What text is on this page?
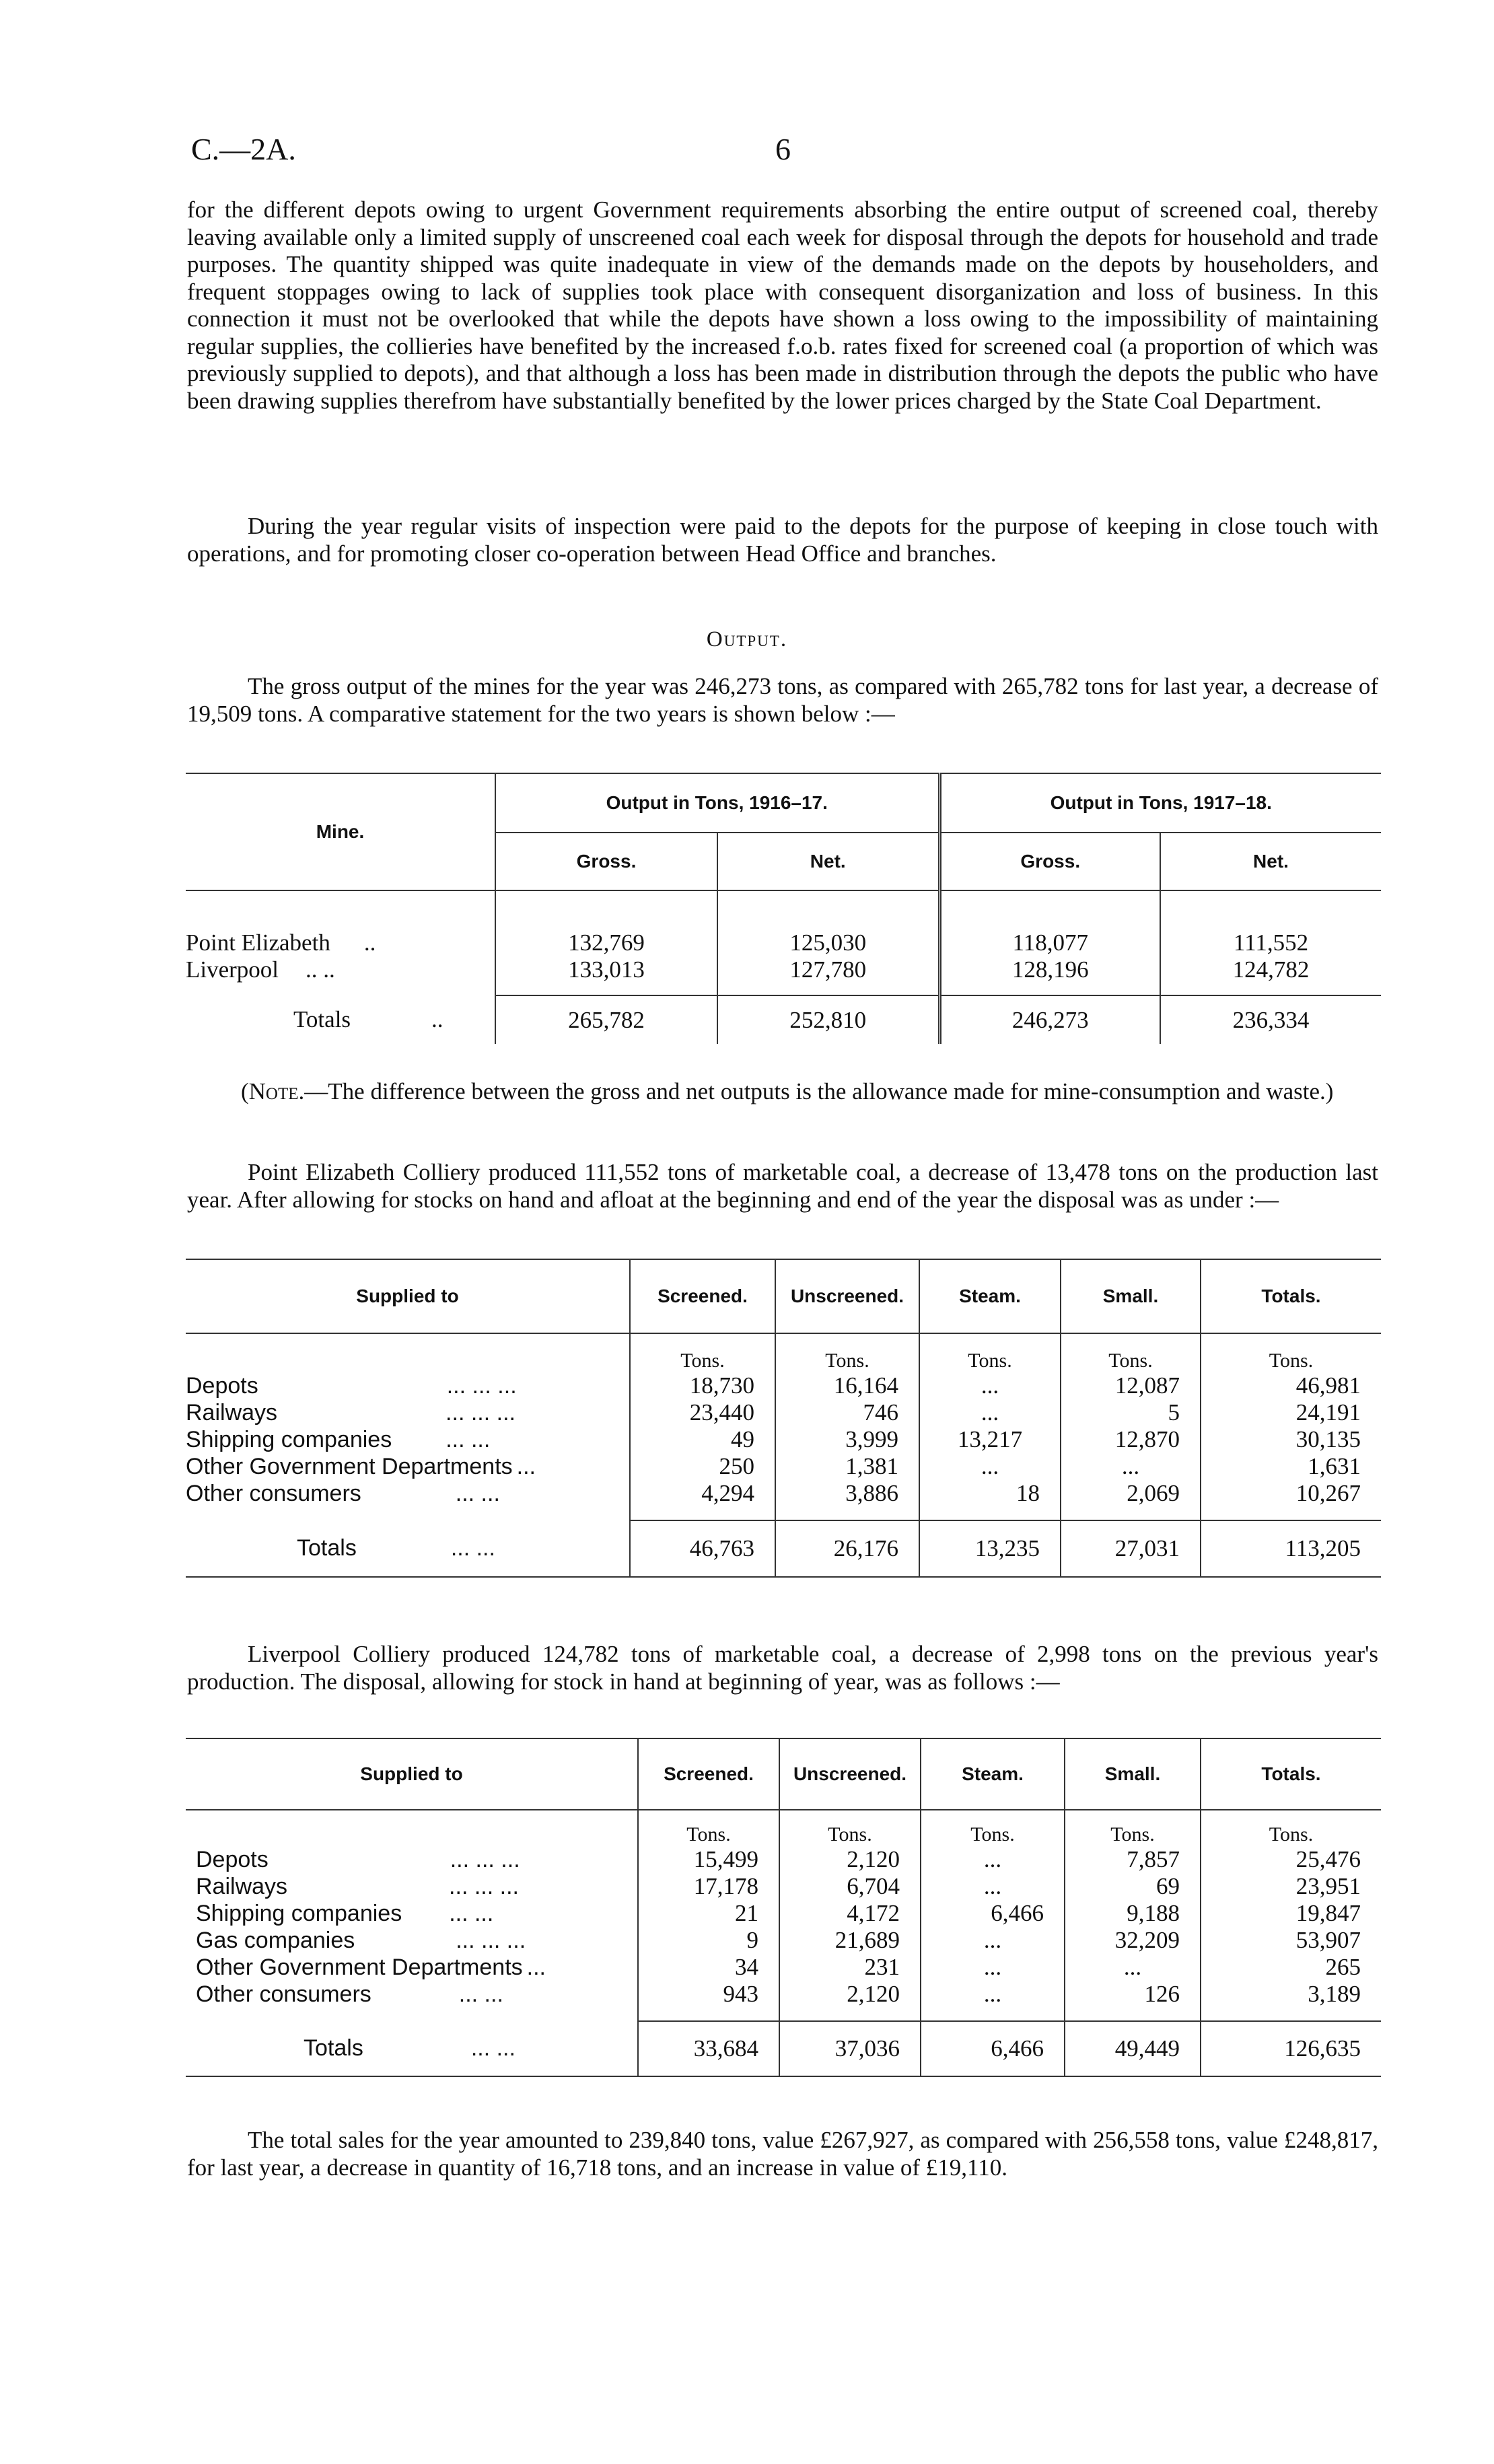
C.—2A.	6

for the different depots owing to urgent Government requirements absorbing the entire output of screened coal, thereby leaving available only a limited supply of unscreened coal each week for disposal through the depots for household and trade purposes. The quantity shipped was quite inadequate in view of the demands made on the depots by householders, and frequent stoppages owing to lack of supplies took place with consequent disorganization and loss of business. In this connection it must not be overlooked that while the depots have shown a loss owing to the impossibility of maintaining regular supplies, the collieries have benefited by the increased f.o.b. rates fixed for screened coal (a proportion of which was previously supplied to depots), and that although a loss has been made in distribution through the depots the public who have been drawing supplies therefrom have substantially benefited by the lower prices charged by the State Coal Department.

During the year regular visits of inspection were paid to the depots for the purpose of keeping in close touch with operations, and for promoting closer co-operation between Head Office and branches.

Output.

The gross output of the mines for the year was 246,273 tons, as compared with 265,782 tons for last year, a decrease of 19,509 tons. A comparative statement for the two years is shown below :—

Mine.	Output in Tons, 1916–17.		Output in Tons, 1917–18.	
	Gross.	Net.	Gross.	Net.

Point Elizabeth ..	132,769	125,030	118,077	111,552
Liverpool .. ..	133,013	127,780	128,196	124,782

Totals ..	265,782	252,810	246,273	236,334

(Note.—The difference between the gross and net outputs is the allowance made for mine-consumption and waste.)

Point Elizabeth Colliery produced 111,552 tons of marketable coal, a decrease of 13,478 tons on the production last year. After allowing for stocks on hand and afloat at the beginning and end of the year the disposal was as under :—

Supplied to	Screened.	Unscreened.	Steam.	Small.	Totals.
	Tons.	Tons.	Tons.	Tons.	Tons.
Depots ... ... ...	18,730	16,164	...	12,087	46,981
Railways ... ... ...	23,440	746	...	5	24,191
Shipping companies ... ...	49	3,999	13,217	12,870	30,135
Other Government Departments ...	250	1,381	...	...	1,631
Other consumers ... ...	4,294	3,886	18	2,069	10,267

Totals ... ...	46,763	26,176	13,235	27,031	113,205

Liverpool Colliery produced 124,782 tons of marketable coal, a decrease of 2,998 tons on the previous year's production. The disposal, allowing for stock in hand at beginning of year, was as follows :—

Supplied to	Screened.	Unscreened.	Steam.	Small.	Totals.
	Tons.	Tons.	Tons.	Tons.	Tons.
Depots ... ... ...	15,499	2,120	...	7,857	25,476
Railways ... ... ...	17,178	6,704	...	69	23,951
Shipping companies ... ...	21	4,172	6,466	9,188	19,847
Gas companies ... ... ...	9	21,689	...	32,209	53,907
Other Government Departments ...	34	231	...	...	265
Other consumers ... ...	943	2,120	...	126	3,189

Totals ... ...	33,684	37,036	6,466	49,449	126,635

The total sales for the year amounted to 239,840 tons, value £267,927, as compared with 256,558 tons, value £248,817, for last year, a decrease in quantity of 16,718 tons, and an increase in value of £19,110.
